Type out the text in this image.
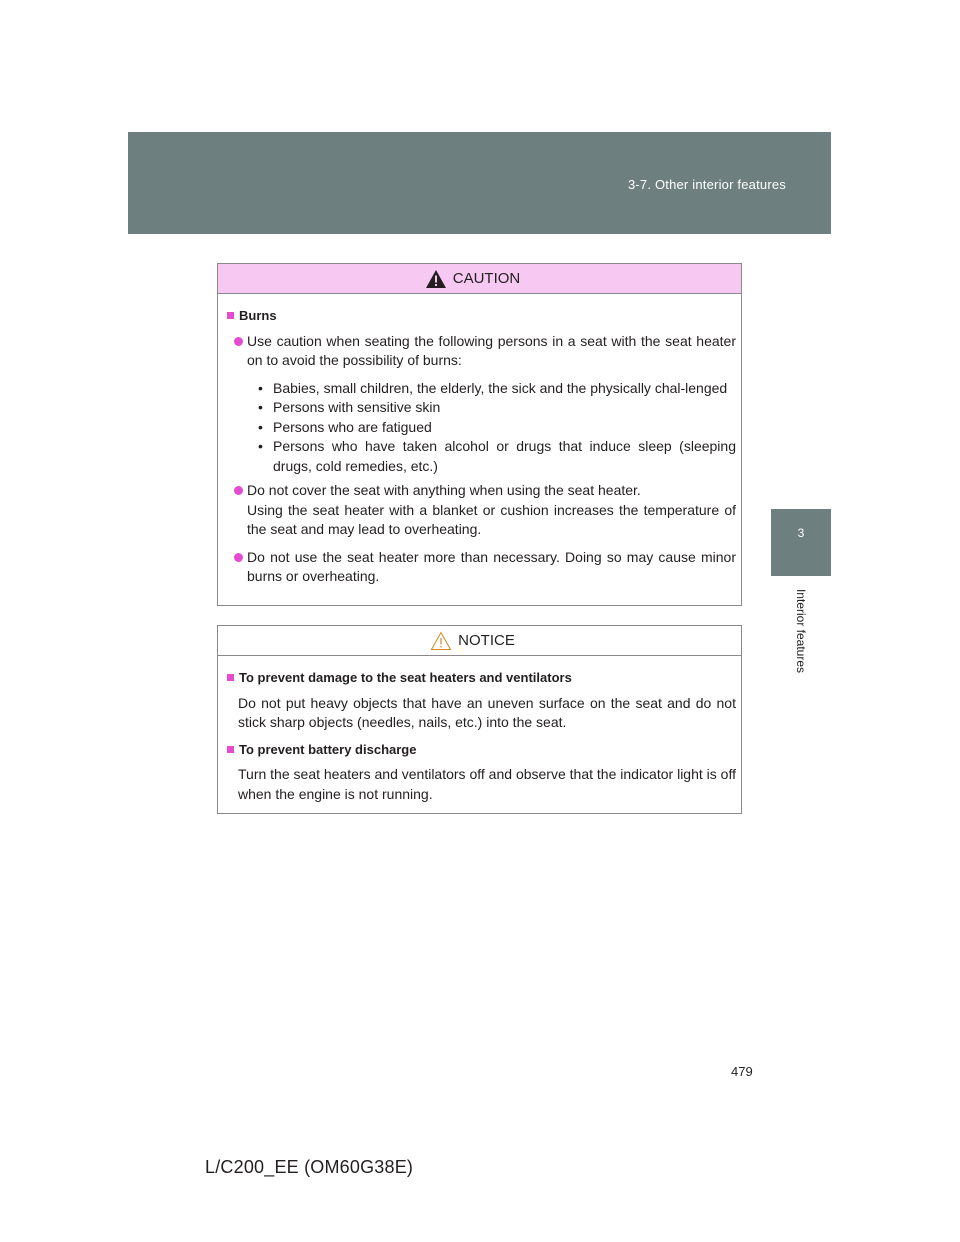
3-7. Other interior features
3
Interior features
CAUTION
Burns
Use caution when seating the following persons in a seat with the seat heater on to avoid the possibility of burns:
• Babies, small children, the elderly, the sick and the physically chal-lenged
• Persons with sensitive skin
• Persons who are fatigued
• Persons who have taken alcohol or drugs that induce sleep (sleeping drugs, cold remedies, etc.)
Do not cover the seat with anything when using the seat heater.
Using the seat heater with a blanket or cushion increases the temperature of the seat and may lead to overheating.
Do not use the seat heater more than necessary. Doing so may cause minor burns or overheating.
NOTICE
To prevent damage to the seat heaters and ventilators
Do not put heavy objects that have an uneven surface on the seat and do not stick sharp objects (needles, nails, etc.) into the seat.
To prevent battery discharge
Turn the seat heaters and ventilators off and observe that the indicator light is off when the engine is not running.
479
L/C200_EE (OM60G38E)
